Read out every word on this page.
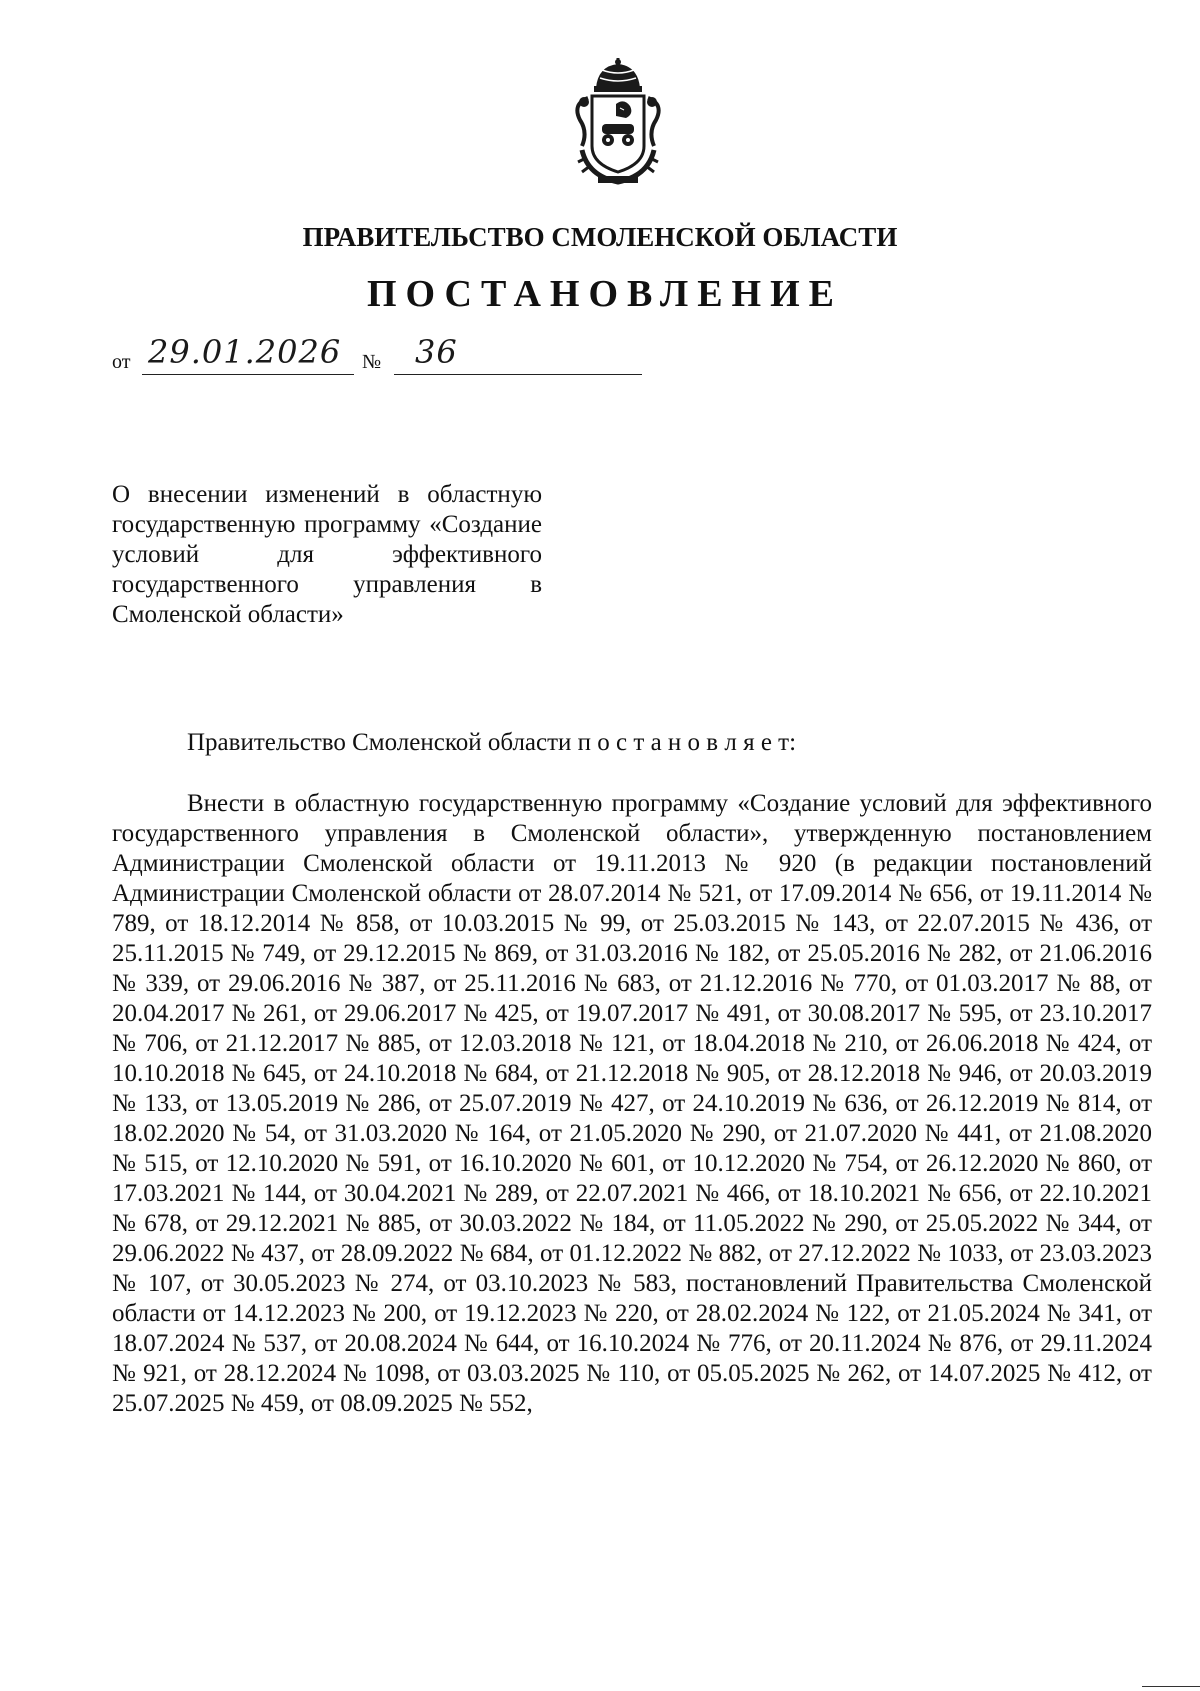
ПРАВИТЕЛЬСТВО СМОЛЕНСКОЙ ОБЛАСТИ
ПОСТАНОВЛЕНИЕ
от 29.01.2026 № 36
О внесении изменений в областную государственную программу «Создание условий для эффективного государственного управления в Смоленской области»
Правительство Смоленской области п о с т а н о в л я е т:
Внести в областную государственную программу «Создание условий для эффективного государственного управления в Смоленской области», утвержденную постановлением Администрации Смоленской области от 19.11.2013 № 920 (в редакции постановлений Администрации Смоленской области от 28.07.2014 № 521, от 17.09.2014 № 656, от 19.11.2014 № 789, от 18.12.2014 № 858, от 10.03.2015 № 99, от 25.03.2015 № 143, от 22.07.2015 № 436, от 25.11.2015 № 749, от 29.12.2015 № 869, от 31.03.2016 № 182, от 25.05.2016 № 282, от 21.06.2016 № 339, от 29.06.2016 № 387, от 25.11.2016 № 683, от 21.12.2016 № 770, от 01.03.2017 № 88, от 20.04.2017 № 261, от 29.06.2017 № 425, от 19.07.2017 № 491, от 30.08.2017 № 595, от 23.10.2017 № 706, от 21.12.2017 № 885, от 12.03.2018 № 121, от 18.04.2018 № 210, от 26.06.2018 № 424, от 10.10.2018 № 645, от 24.10.2018 № 684, от 21.12.2018 № 905, от 28.12.2018 № 946, от 20.03.2019 № 133, от 13.05.2019 № 286, от 25.07.2019 № 427, от 24.10.2019 № 636, от 26.12.2019 № 814, от 18.02.2020 № 54, от 31.03.2020 № 164, от 21.05.2020 № 290, от 21.07.2020 № 441, от 21.08.2020 № 515, от 12.10.2020 № 591, от 16.10.2020 № 601, от 10.12.2020 № 754, от 26.12.2020 № 860, от 17.03.2021 № 144, от 30.04.2021 № 289, от 22.07.2021 № 466, от 18.10.2021 № 656, от 22.10.2021 № 678, от 29.12.2021 № 885, от 30.03.2022 № 184, от 11.05.2022 № 290, от 25.05.2022 № 344, от 29.06.2022 № 437, от 28.09.2022 № 684, от 01.12.2022 № 882, от 27.12.2022 № 1033, от 23.03.2023 № 107, от 30.05.2023 № 274, от 03.10.2023 № 583, постановлений Правительства Смоленской области от 14.12.2023 № 200, от 19.12.2023 № 220, от 28.02.2024 № 122, от 21.05.2024 № 341, от 18.07.2024 № 537, от 20.08.2024 № 644, от 16.10.2024 № 776, от 20.11.2024 № 876, от 29.11.2024 № 921, от 28.12.2024 № 1098, от 03.03.2025 № 110, от 05.05.2025 № 262, от 14.07.2025 № 412, от 25.07.2025 № 459, от 08.09.2025 № 552,
